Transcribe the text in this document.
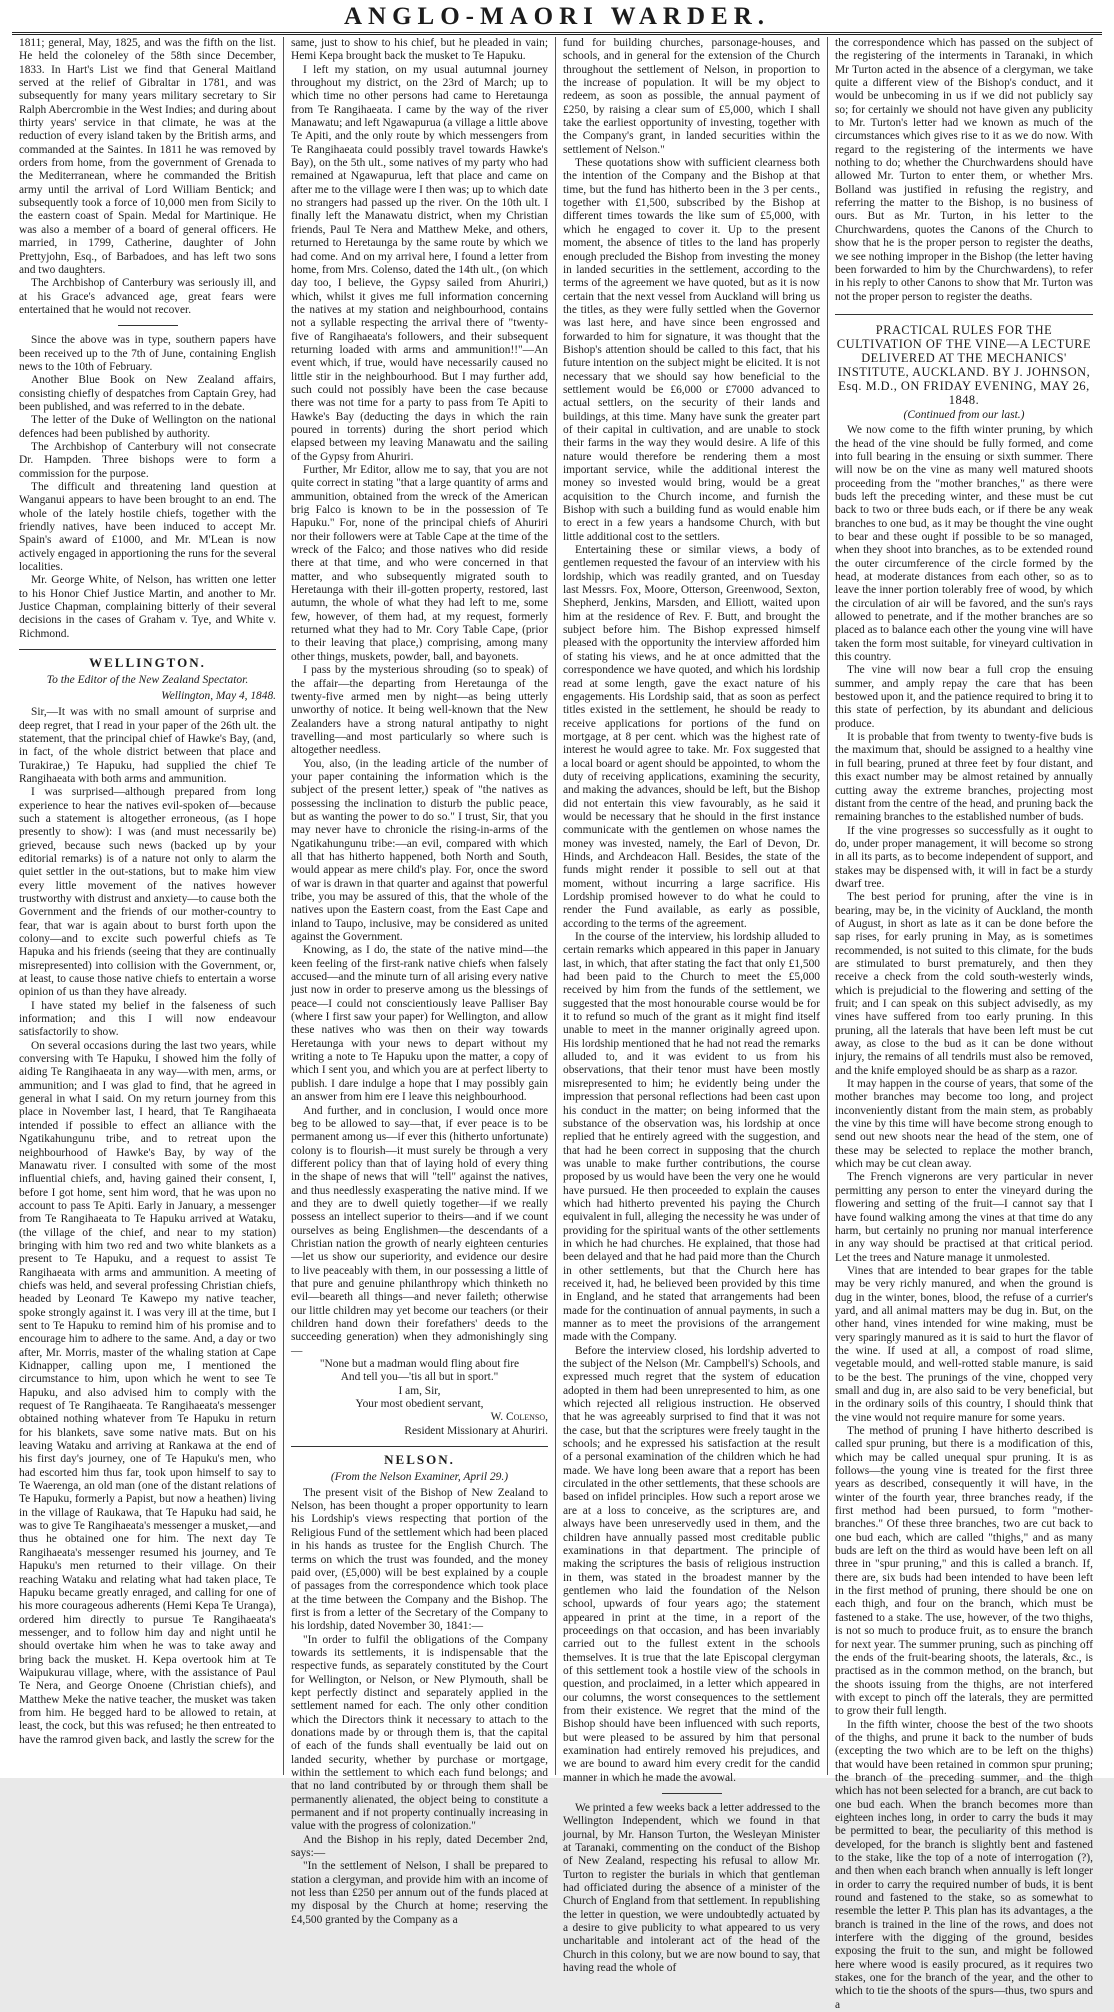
ANGLO-MAORI WARDER.

1811; general, May, 1825, and was the fifth on the list. He held the coloneley of the 58th since December, 1833. In Hart's List we find that General Maitland served at the relief of Gibraltar in 1781, and was subsequently for many years military secretary to Sir Ralph Abercrombie in the West Indies; and during about thirty years' service in that climate, he was at the reduction of every island taken by the British arms, and commanded at the Saintes. In 1811 he was removed by orders from home, from the government of Grenada to the Mediterranean, where he commanded the British army until the arrival of Lord William Bentick; and subsequently took a force of 10,000 men from Sicily to the eastern coast of Spain. Medal for Martinique. He was also a member of a board of general officers. He married, in 1799, Catherine, daughter of John Prettyjohn, Esq., of Barbadoes, and has left two sons and two daughters.

The Archbishop of Canterbury was seriously ill, and at his Grace's advanced age, great fears were entertained that he would not recover.

Since the above was in type, southern papers have been received up to the 7th of June, containing English news to the 10th of February.

Another Blue Book on New Zealand affairs, consisting chiefly of despatches from Captain Grey, had been published, and was referred to in the debate.

The letter of the Duke of Wellington on the national defences had been published by authority.

The Archbishop of Canterbury will not consecrate Dr. Hampden. Three bishops were to form a commission for the purpose.

The difficult and threatening land question at Wanganui appears to have been brought to an end. The whole of the lately hostile chiefs, together with the friendly natives, have been induced to accept Mr. Spain's award of £1000, and Mr. M'Lean is now actively engaged in apportioning the runs for the several localities.

Mr. George White, of Nelson, has written one letter to his Honor Chief Justice Martin, and another to Mr. Justice Chapman, complaining bitterly of their several decisions in the cases of Graham v. Tye, and White v. Richmond.

WELLINGTON.
To the Editor of the New Zealand Spectator.
Wellington, May 4, 1848.

Sir,—It was with no small amount of surprise and deep regret, that I read in your paper of the 26th ult. the statement, that the principal chief of Hawke's Bay, (and, in fact, of the whole district between that place and Turakirae,) Te Hapuku, had supplied the chief Te Rangihaeata with both arms and ammunition.

I was surprised—although prepared from long experience to hear the natives evil-spoken of—because such a statement is altogether erroneous, (as I hope presently to show): I was (and must necessarily be) grieved, because such news (backed up by your editorial remarks) is of a nature not only to alarm the quiet settler in the out-stations, but to make him view every little movement of the natives however trustworthy with distrust and anxiety—to cause both the Government and the friends of our mother-country to fear, that war is again about to burst forth upon the colony—and to excite such powerful chiefs as Te Hapuka and his friends (seeing that they are continually misrepresented) into collision with the Government, or, at least, to cause those native chiefs to entertain a worse opinion of us than they have already.

I have stated my belief in the falseness of such information; and this I will now endeavour satisfactorily to show.

On several occasions during the last two years, while conversing with Te Hapuku, I showed him the folly of aiding Te Rangihaeata in any way—with men, arms, or ammunition; and I was glad to find, that he agreed in general in what I said. On my return journey from this place in November last, I heard, that Te Rangihaeata intended if possible to effect an alliance with the Ngatikahungunu tribe, and to retreat upon the neighbourhood of Hawke's Bay, by way of the Manawatu river. I consulted with some of the most influential chiefs, and, having gained their consent, I, before I got home, sent him word, that he was upon no account to pass Te Apiti. Early in January, a messenger from Te Rangihaeata to Te Hapuku arrived at Wataku, (the village of the chief, and near to my station) bringing with him two red and two white blankets as a present to Te Hapuku, and a request to assist Te Rangihaeata with arms and ammunition. A meeting of chiefs was held, and several professing Christian chiefs, headed by Leonard Te Kawepo my native teacher, spoke strongly against it. I was very ill at the time, but I sent to Te Hapuku to remind him of his promise and to encourage him to adhere to the same. And, a day or two after, Mr. Morris, master of the whaling station at Cape Kidnapper, calling upon me, I mentioned the circumstance to him, upon which he went to see Te Hapuku, and also advised him to comply with the request of Te Rangihaeata. Te Rangihaeata's messenger obtained nothing whatever from Te Hapuku in return for his blankets, save some native mats. But on his leaving Wataku and arriving at Rankawa at the end of his first day's journey, one of Te Hapuku's men, who had escorted him thus far, took upon himself to say to Te Waerenga, an old man (one of the distant relations of Te Hapuku, formerly a Papist, but now a heathen) living in the village of Raukawa, that Te Hapuku had said, he was to give Te Rangihaeata's messenger a musket,—and thus he obtained one for him. The next day Te Rangihaeata's messenger resumed his journey, and Te Hapuku's men returned to their village. On their reaching Wataku and relating what had taken place, Te Hapuku became greatly enraged, and calling for one of his more courageous adherents (Hemi Kepa Te Uranga), ordered him directly to pursue Te Rangihaeata's messenger, and to follow him day and night until he should overtake him when he was to take away and bring back the musket. H. Kepa overtook him at Te Waipukurau village, where, with the assistance of Paul Te Nera, and George Onoene (Christian chiefs), and Matthew Meke the native teacher, the musket was taken from him. He begged hard to be allowed to retain, at least, the cock, but this was refused; he then entreated to have the ramrod given back, and lastly the screw for the

same, just to show to his chief, but he pleaded in vain; Hemi Kepa brought back the musket to Te Hapuku.

I left my station, on my usual autumnal journey throughout my district, on the 23rd of March; up to which time no other persons had came to Heretaunga from Te Rangihaeata. I came by the way of the river Manawatu; and left Ngawapurua (a village a little above Te Apiti, and the only route by which messengers from Te Rangihaeata could possibly travel towards Hawke's Bay), on the 5th ult., some natives of my party who had remained at Ngawapurua, left that place and came on after me to the village were I then was; up to which date no strangers had passed up the river. On the 10th ult. I finally left the Manawatu district, when my Christian friends, Paul Te Nera and Matthew Meke, and others, returned to Heretaunga by the same route by which we had come. And on my arrival here, I found a letter from home, from Mrs. Colenso, dated the 14th ult., (on which day too, I believe, the Gypsy sailed from Ahuriri,) which, whilst it gives me full information concerning the natives at my station and neighbourhood, contains not a syllable respecting the arrival there of "twenty-five of Rangihaeata's followers, and their subsequent returning loaded with arms and ammunition!!"—An event which, if true, would have necessarily caused no little stir in the neighbourhood. But I may further add, such could not possibly have been the case because there was not time for a party to pass from Te Apiti to Hawke's Bay (deducting the days in which the rain poured in torrents) during the short period which elapsed between my leaving Manawatu and the sailing of the Gypsy from Ahuriri.

Further, Mr Editor, allow me to say, that you are not quite correct in stating "that a large quantity of arms and ammunition, obtained from the wreck of the American brig Falco is known to be in the possession of Te Hapuku." For, none of the principal chiefs of Ahuriri nor their followers were at Table Cape at the time of the wreck of the Falco; and those natives who did reside there at that time, and who were concerned in that matter, and who subsequently migrated south to Heretaunga with their ill-gotten property, restored, last autumn, the whole of what they had left to me, some few, however, of them had, at my request, formerly returned what they had to Mr. Cory Table Cape, (prior to their leaving that place,) comprising, among many other things, muskets, powder, ball, and bayonets.

I pass by the mysterious shrouding (so to speak) of the affair—the departing from Heretaunga of the twenty-five armed men by night—as being utterly unworthy of notice. It being well-known that the New Zealanders have a strong natural antipathy to night travelling—and most particularly so where such is altogether needless.

You, also, (in the leading article of the number of your paper containing the information which is the subject of the present letter,) speak of "the natives as possessing the inclination to disturb the public peace, but as wanting the power to do so." I trust, Sir, that you may never have to chronicle the rising-in-arms of the Ngatikahungunu tribe:—an evil, compared with which all that has hitherto happened, both North and South, would appear as mere child's play. For, once the sword of war is drawn in that quarter and against that powerful tribe, you may be assured of this, that the whole of the natives upon the Eastern coast, from the East Cape and inland to Taupo, inclusive, may be considered as united against the Government.

Knowing, as I do, the state of the native mind—the keen feeling of the first-rank native chiefs when falsely accused—and the minute turn of all arising every native just now in order to preserve among us the blessings of peace—I could not conscientiously leave Palliser Bay (where I first saw your paper) for Wellington, and allow these natives who was then on their way towards Heretaunga with your news to depart without my writing a note to Te Hapuku upon the matter, a copy of which I sent you, and which you are at perfect liberty to publish. I dare indulge a hope that I may possibly gain an answer from him ere I leave this neighbourhood.

And further, and in conclusion, I would once more beg to be allowed to say—that, if ever peace is to be permanent among us—if ever this (hitherto unfortunate) colony is to flourish—it must surely be through a very different policy than that of laying hold of every thing in the shape of news that will "tell" against the natives, and thus needlessly exasperating the native mind. If we and they are to dwell quietly together—if we really possess an intellect superior to theirs—and if we count ourselves as being Englishmen—the descendants of a Christian nation the growth of nearly eighteen centuries—let us show our superiority, and evidence our desire to live peaceably with them, in our possessing a little of that pure and genuine philanthropy which thinketh no evil—beareth all things—and never faileth; otherwise our little children may yet become our teachers (or their children hand down their forefathers' deeds to the succeeding generation) when they admonishingly sing—

"None but a madman would fling about fire

And tell you—'tis all but in sport."

I am, Sir,

Your most obedient servant,

W. Colenso,

Resident Missionary at Ahuriri.

NELSON.
(From the Nelson Examiner, April 29.)

The present visit of the Bishop of New Zealand to Nelson, has been thought a proper opportunity to learn his Lordship's views respecting that portion of the Religious Fund of the settlement which had been placed in his hands as trustee for the English Church. The terms on which the trust was founded, and the money paid over, (£5,000) will be best explained by a couple of passages from the correspondence which took place at the time between the Company and the Bishop. The first is from a letter of the Secretary of the Company to his lordship, dated November 30, 1841:—

"In order to fulfil the obligations of the Company towards its settlements, it is indispensable that the respective funds, as separately constituted by the Court for Wellington, or Nelson, or New Plymouth, shall be kept perfectly distinct and separately applied in the settlement named for each. The only other condition which the Directors think it necessary to attach to the donations made by or through them is, that the capital of each of the funds shall eventually be laid out on landed security, whether by purchase or mortgage, within the settlement to which each fund belongs; and that no land contributed by or through them shall be permanently alienated, the object being to constitute a permanent and if not property continually increasing in value with the progress of colonization."

And the Bishop in his reply, dated December 2nd, says:—

"In the settlement of Nelson, I shall be prepared to station a clergyman, and provide him with an income of not less than £250 per annum out of the funds placed at my disposal by the Church at home; reserving the £4,500 granted by the Company as a

fund for building churches, parsonage-houses, and schools, and in general for the extension of the Church throughout the settlement of Nelson, in proportion to the increase of population. It will be my object to redeem, as soon as possible, the annual payment of £250, by raising a clear sum of £5,000, which I shall take the earliest opportunity of investing, together with the Company's grant, in landed securities within the settlement of Nelson."

These quotations show with sufficient clearness both the intention of the Company and the Bishop at that time, but the fund has hitherto been in the 3 per cents., together with £1,500, subscribed by the Bishop at different times towards the like sum of £5,000, with which he engaged to cover it. Up to the present moment, the absence of titles to the land has properly enough precluded the Bishop from investing the money in landed securities in the settlement, according to the terms of the agreement we have quoted, but as it is now certain that the next vessel from Auckland will bring us the titles, as they were fully settled when the Governor was last here, and have since been engrossed and forwarded to him for signature, it was thought that the Bishop's attention should be called to this fact, that his future intention on the subject might be elicited. It is not necessary that we should say how beneficial to the settlement would be £6,000 or £7000 advanced to actual settlers, on the security of their lands and buildings, at this time. Many have sunk the greater part of their capital in cultivation, and are unable to stock their farms in the way they would desire. A life of this nature would therefore be rendering them a most important service, while the additional interest the money so invested would bring, would be a great acquisition to the Church income, and furnish the Bishop with such a building fund as would enable him to erect in a few years a handsome Church, with but little additional cost to the settlers.

Entertaining these or similar views, a body of gentlemen requested the favour of an interview with his lordship, which was readily granted, and on Tuesday last Messrs. Fox, Moore, Otterson, Greenwood, Sexton, Shepherd, Jenkins, Marsden, and Elliott, waited upon him at the residence of Rev. F. Butt, and brought the subject before him. The Bishop expressed himself pleased with the opportunity the interview afforded him of stating his views, and he at once admitted that the correspondence we have quoted, and which his lordship read at some length, gave the exact nature of his engagements. His Lordship said, that as soon as perfect titles existed in the settlement, he should be ready to receive applications for portions of the fund on mortgage, at 8 per cent. which was the highest rate of interest he would agree to take. Mr. Fox suggested that a local board or agent should be appointed, to whom the duty of receiving applications, examining the security, and making the advances, should be left, but the Bishop did not entertain this view favourably, as he said it would be necessary that he should in the first instance communicate with the gentlemen on whose names the money was invested, namely, the Earl of Devon, Dr. Hinds, and Archdeacon Hall. Besides, the state of the funds might render it possible to sell out at that moment, without incurring a large sacrifice. His Lordship promised however to do what he could to render the Fund available, as early as possible, according to the terms of the agreement.

In the course of the interview, his lordship alluded to certain remarks which appeared in this paper in January last, in which, that after stating the fact that only £1,500 had been paid to the Church to meet the £5,000 received by him from the funds of the settlement, we suggested that the most honourable course would be for it to refund so much of the grant as it might find itself unable to meet in the manner originally agreed upon. His lordship mentioned that he had not read the remarks alluded to, and it was evident to us from his observations, that their tenor must have been mostly misrepresented to him; he evidently being under the impression that personal reflections had been cast upon his conduct in the matter; on being informed that the substance of the observation was, his lordship at once replied that he entirely agreed with the suggestion, and that had he been correct in supposing that the church was unable to make further contributions, the course proposed by us would have been the very one he would have pursued. He then proceeded to explain the causes which had hitherto prevented his paying the Church equivalent in full, alleging the necessity he was under of providing for the spiritual wants of the other settlements in which he had churches. He explained, that those had been delayed and that he had paid more than the Church in other settlements, but that the Church here has received it, had, he believed been provided by this time in England, and he stated that arrangements had been made for the continuation of annual payments, in such a manner as to meet the provisions of the arrangement made with the Company.

Before the interview closed, his lordship adverted to the subject of the Nelson (Mr. Campbell's) Schools, and expressed much regret that the system of education adopted in them had been unrepresented to him, as one which rejected all religious instruction. He observed that he was agreeably surprised to find that it was not the case, but that the scriptures were freely taught in the schools; and he expressed his satisfaction at the result of a personal examination of the children which he had made. We have long been aware that a report has been circulated in the other settlements, that these schools are based on infidel principles. How such a report arose we are at a loss to conceive, as the scriptures are, and always have been unreservedly used in them, and the children have annually passed most creditable public examinations in that department. The principle of making the scriptures the basis of religious instruction in them, was stated in the broadest manner by the gentlemen who laid the foundation of the Nelson school, upwards of four years ago; the statement appeared in print at the time, in a report of the proceedings on that occasion, and has been invariably carried out to the fullest extent in the schools themselves. It is true that the late Episcopal clergyman of this settlement took a hostile view of the schools in question, and proclaimed, in a letter which appeared in our columns, the worst consequences to the settlement from their existence. We regret that the mind of the Bishop should have been influenced with such reports, but were pleased to be assured by him that personal examination had entirely removed his prejudices, and we are bound to award him every credit for the candid manner in which he made the avowal.

We printed a few weeks back a letter addressed to the Wellington Independent, which we found in that journal, by Mr. Hanson Turton, the Wesleyan Minister at Taranaki, commenting on the conduct of the Bishop of New Zealand, respecting his refusal to allow Mr. Turton to register the burials in which that gentleman had officiated during the absence of a minister of the Church of England from that settlement. In republishing the letter in question, we were undoubtedly actuated by a desire to give publicity to what appeared to us very uncharitable and intolerant act of the head of the Church in this colony, but we are now bound to say, that having read the whole of

the correspondence which has passed on the subject of the registering of the interments in Taranaki, in which Mr Turton acted in the absence of a clergyman, we take quite a different view of the Bishop's conduct, and it would be unbecoming in us if we did not publicly say so; for certainly we should not have given any publicity to Mr. Turton's letter had we known as much of the circumstances which gives rise to it as we do now. With regard to the registering of the interments we have nothing to do; whether the Churchwardens should have allowed Mr. Turton to enter them, or whether Mrs. Bolland was justified in refusing the registry, and referring the matter to the Bishop, is no business of ours. But as Mr. Turton, in his letter to the Churchwardens, quotes the Canons of the Church to show that he is the proper person to register the deaths, we see nothing improper in the Bishop (the letter having been forwarded to him by the Churchwardens), to refer in his reply to other Canons to show that Mr. Turton was not the proper person to register the deaths.

PRACTICAL RULES FOR THE CULTIVATION OF THE VINE—A LECTURE DELIVERED AT THE MECHANICS' INSTITUTE, AUCKLAND. BY J. JOHNSON, Esq. M.D., ON FRIDAY EVENING, MAY 26, 1848.
(Continued from our last.)

We now come to the fifth winter pruning, by which the head of the vine should be fully formed, and come into full bearing in the ensuing or sixth summer. There will now be on the vine as many well matured shoots proceeding from the "mother branches," as there were buds left the preceding winter, and these must be cut back to two or three buds each, or if there be any weak branches to one bud, as it may be thought the vine ought to bear and these ought if possible to be so managed, when they shoot into branches, as to be extended round the outer circumference of the circle formed by the head, at moderate distances from each other, so as to leave the inner portion tolerably free of wood, by which the circulation of air will be favored, and the sun's rays allowed to penetrate, and if the mother branches are so placed as to balance each other the young vine will have taken the form most suitable, for vineyard cultivation in this country.

The vine will now bear a full crop the ensuing summer, and amply repay the care that has been bestowed upon it, and the patience required to bring it to this state of perfection, by its abundant and delicious produce.

It is probable that from twenty to twenty-five buds is the maximum that, should be assigned to a healthy vine in full bearing, pruned at three feet by four distant, and this exact number may be almost retained by annually cutting away the extreme branches, projecting most distant from the centre of the head, and pruning back the remaining branches to the established number of buds.

If the vine progresses so successfully as it ought to do, under proper management, it will become so strong in all its parts, as to become independent of support, and stakes may be dispensed with, it will in fact be a sturdy dwarf tree.

The best period for pruning, after the vine is in bearing, may be, in the vicinity of Auckland, the month of August, in short as late as it can be done before the sap rises, for early pruning in May, as is sometimes recommended, is not suited to this climate, for the buds are stimulated to burst prematurely, and then they receive a check from the cold south-westerly winds, which is prejudicial to the flowering and setting of the fruit; and I can speak on this subject advisedly, as my vines have suffered from too early pruning. In this pruning, all the laterals that have been left must be cut away, as close to the bud as it can be done without injury, the remains of all tendrils must also be removed, and the knife employed should be as sharp as a razor.

It may happen in the course of years, that some of the mother branches may become too long, and project inconveniently distant from the main stem, as probably the vine by this time will have become strong enough to send out new shoots near the head of the stem, one of these may be selected to replace the mother branch, which may be cut clean away.

The French vignerons are very particular in never permitting any person to enter the vineyard during the flowering and setting of the fruit—I cannot say that I have found walking among the vines at that time do any harm, but certainly no pruning nor manual interference in any way should be practised at that critical period. Let the trees and Nature manage it unmolested.

Vines that are intended to bear grapes for the table may be very richly manured, and when the ground is dug in the winter, bones, blood, the refuse of a currier's yard, and all animal matters may be dug in. But, on the other hand, vines intended for wine making, must be very sparingly manured as it is said to hurt the flavor of the wine. If used at all, a compost of road slime, vegetable mould, and well-rotted stable manure, is said to be the best. The prunings of the vine, chopped very small and dug in, are also said to be very beneficial, but in the ordinary soils of this country, I should think that the vine would not require manure for some years.

The method of pruning I have hitherto described is called spur pruning, but there is a modification of this, which may be called unequal spur pruning. It is as follows—the young vine is treated for the first three years as described, consequently it will have, in the winter of the fourth year, three branches ready, if the first method had been pursued, to form "mother-branches." Of these three branches, two are cut back to one bud each, which are called "thighs," and as many buds are left on the third as would have been left on all three in "spur pruning," and this is called a branch. If, there are, six buds had been intended to have been left in the first method of pruning, there should be one on each thigh, and four on the branch, which must be fastened to a stake. The use, however, of the two thighs, is not so much to produce fruit, as to ensure the branch for next year. The summer pruning, such as pinching off the ends of the fruit-bearing shoots, the laterals, &c., is practised as in the common method, on the branch, but the shoots issuing from the thighs, are not interfered with except to pinch off the laterals, they are permitted to grow their full length.

In the fifth winter, choose the best of the two shoots of the thighs, and prune it back to the number of buds (excepting the two which are to be left on the thighs) that would have been retained in common spur pruning; the branch of the preceding summer, and the thigh which has not been selected for a branch, are cut back to one bud each. When the branch becomes more than eighteen inches long, in order to carry the buds it may be permitted to bear, the peculiarity of this method is developed, for the branch is slightly bent and fastened to the stake, like the top of a note of interrogation (?), and then when each branch when annually is left longer in order to carry the required number of buds, it is bent round and fastened to the stake, so as somewhat to resemble the letter P. This plan has its advantages, a the branch is trained in the line of the rows, and does not interfere with the digging of the ground, besides exposing the fruit to the sun, and might be followed here where wood is easily procured, as it requires two stakes, one for the branch of the year, and the other to which to tie the shoots of the spurs—thus, two spurs and a
